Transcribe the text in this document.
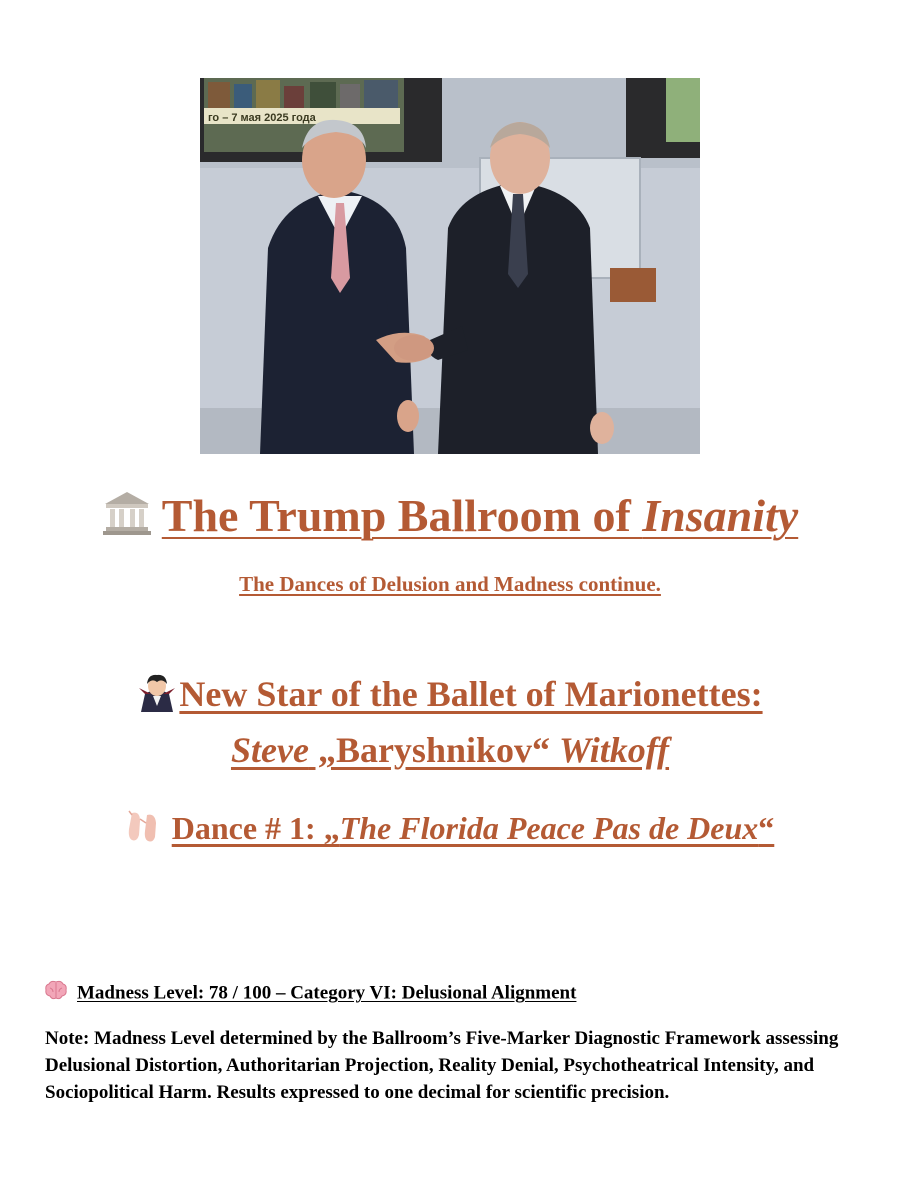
го – 7 мая 2025 года
The Trump Ballroom of Insanity
The Dances of Delusion and Madness continue.
New Star of the Ballet of Marionettes:
Steve „Baryshnikov“ Witkoff
Dance # 1: „The Florida Peace Pas de Deux“
Madness Level: 78 / 100 – Category VI: Delusional Alignment
Note: Madness Level determined by the Ballroom’s Five-Marker Diagnostic Framework assessing Delusional Distortion, Authoritarian Projection, Reality Denial, Psychotheatrical Intensity, and Sociopolitical Harm. Results expressed to one decimal for scientific precision.
